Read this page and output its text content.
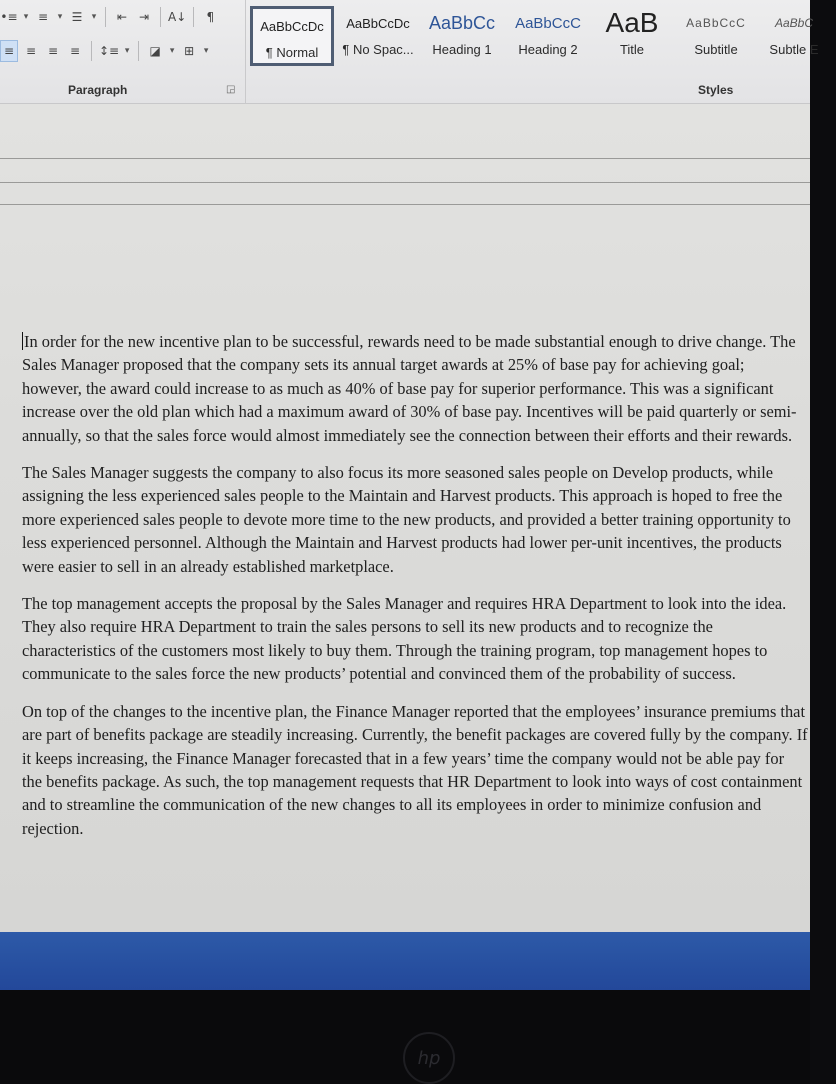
•≡ ▾ ≡	▾ ☰	▾	⇤ ⇥	A↓	¶
≡ ≡ ≡ ≡	↕≡ ▾ ◪	▾ ⊞	▾
Paragraph	◲
AaBbCcDc
¶ Normal
AaBbCcDc
¶ No Spac...
AaBbCc
Heading 1
AaBbCcC
Heading 2
AaB
Title
AaBbCcC
Subtitle
AaBbC
Subtle E
Styles

In order for the new incentive plan to be successful, rewards need to be made substantial enough to drive change. The Sales Manager proposed that the company sets its annual target awards at 25% of base pay for achieving goal; however, the award could increase to as much as 40% of base pay for superior performance. This was a significant increase over the old plan which had a maximum award of 30% of base pay. Incentives will be paid quarterly or semi-annually, so that the sales force would almost immediately see the connection between their efforts and their rewards.

The Sales Manager suggests the company to also focus its more seasoned sales people on Develop products, while assigning the less experienced sales people to the Maintain and Harvest products. This approach is hoped to free the more experienced sales people to devote more time to the new products, and provided a better training opportunity to less experienced personnel. Although the Maintain and Harvest products had lower per-unit incentives, the products were easier to sell in an already established marketplace.

The top management accepts the proposal by the Sales Manager and requires HRA Department to look into the idea. They also require HRA Department to train the sales persons to sell its new products and to recognize the characteristics of the customers most likely to buy them. Through the training program, top management hopes to communicate to the sales force the new products’ potential and convinced them of the probability of success.

On top of the changes to the incentive plan, the Finance Manager reported that the employees’ insurance premiums that are part of benefits package are steadily increasing. Currently, the benefit packages are covered fully by the company. If it keeps increasing, the Finance Manager forecasted that in a few years’ time the company would not be able pay for the benefits package. As such, the top management requests that HR Department to look into ways of cost containment and to streamline the communication of the new changes to all its employees in order to minimize confusion and rejection.

hp
